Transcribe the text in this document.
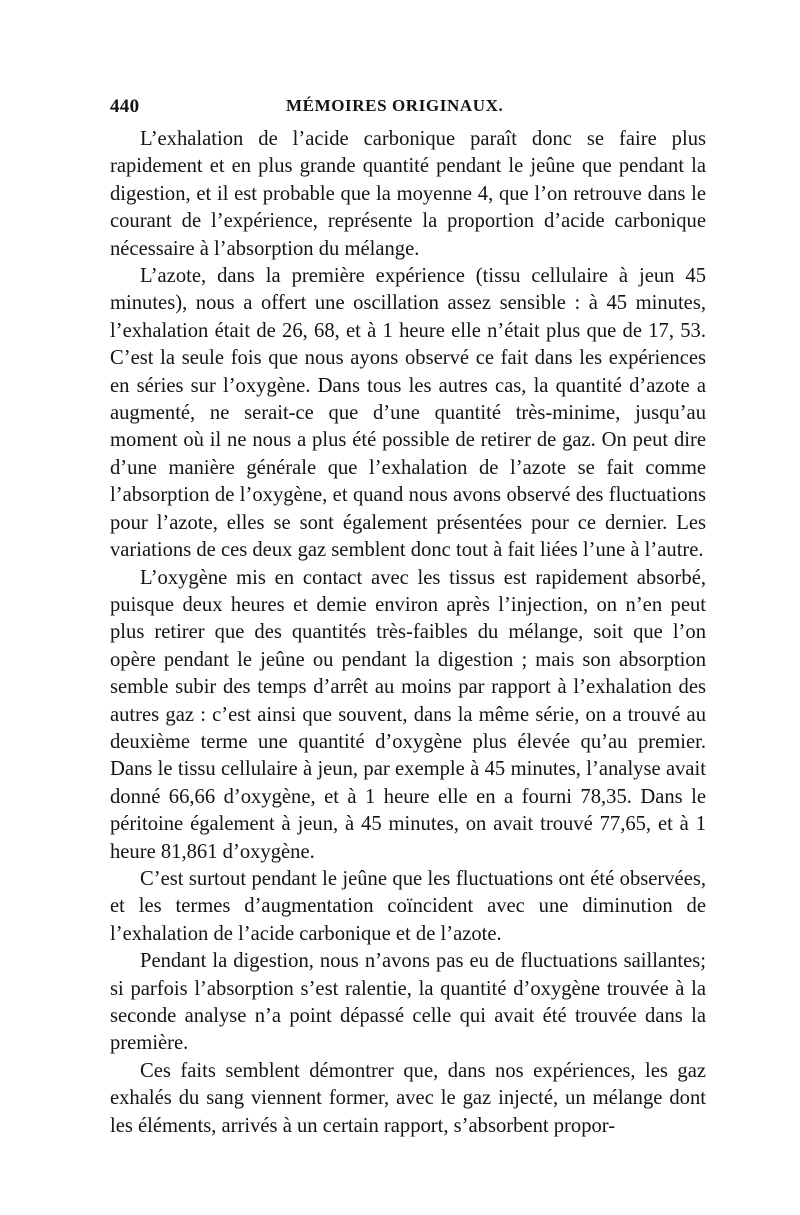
440	MÉMOIRES ORIGINAUX.

L’exhalation de l’acide carbonique paraît donc se faire plus rapidement et en plus grande quantité pendant le jeûne que pendant la digestion, et il est probable que la moyenne 4, que l’on retrouve dans le courant de l’expérience, représente la proportion d’acide carbonique nécessaire à l’absorption du mélange.

L’azote, dans la première expérience (tissu cellulaire à jeun 45 minutes), nous a offert une oscillation assez sensible : à 45 minutes, l’exhalation était de 26, 68, et à 1 heure elle n’était plus que de 17, 53. C’est la seule fois que nous ayons observé ce fait dans les expériences en séries sur l’oxygène. Dans tous les autres cas, la quantité d’azote a augmenté, ne serait-ce que d’une quantité très-minime, jusqu’au moment où il ne nous a plus été possible de retirer de gaz. On peut dire d’une manière générale que l’exhalation de l’azote se fait comme l’absorption de l’oxygène, et quand nous avons observé des fluctuations pour l’azote, elles se sont également présentées pour ce dernier. Les variations de ces deux gaz semblent donc tout à fait liées l’une à l’autre.

L’oxygène mis en contact avec les tissus est rapidement absorbé, puisque deux heures et demie environ après l’injection, on n’en peut plus retirer que des quantités très-faibles du mélange, soit que l’on opère pendant le jeûne ou pendant la digestion ; mais son absorption semble subir des temps d’arrêt au moins par rapport à l’exhalation des autres gaz : c’est ainsi que souvent, dans la même série, on a trouvé au deuxième terme une quantité d’oxygène plus élevée qu’au premier. Dans le tissu cellulaire à jeun, par exemple à 45 minutes, l’analyse avait donné 66,66 d’oxygène, et à 1 heure elle en a fourni 78,35. Dans le péritoine également à jeun, à 45 minutes, on avait trouvé 77,65, et à 1 heure 81,861 d’oxygène.

C’est surtout pendant le jeûne que les fluctuations ont été observées, et les termes d’augmentation coïncident avec une diminution de l’exhalation de l’acide carbonique et de l’azote.

Pendant la digestion, nous n’avons pas eu de fluctuations saillantes; si parfois l’absorption s’est ralentie, la quantité d’oxygène trouvée à la seconde analyse n’a point dépassé celle qui avait été trouvée dans la première.

Ces faits semblent démontrer que, dans nos expériences, les gaz exhalés du sang viennent former, avec le gaz injecté, un mélange dont les éléments, arrivés à un certain rapport, s’absorbent propor-
